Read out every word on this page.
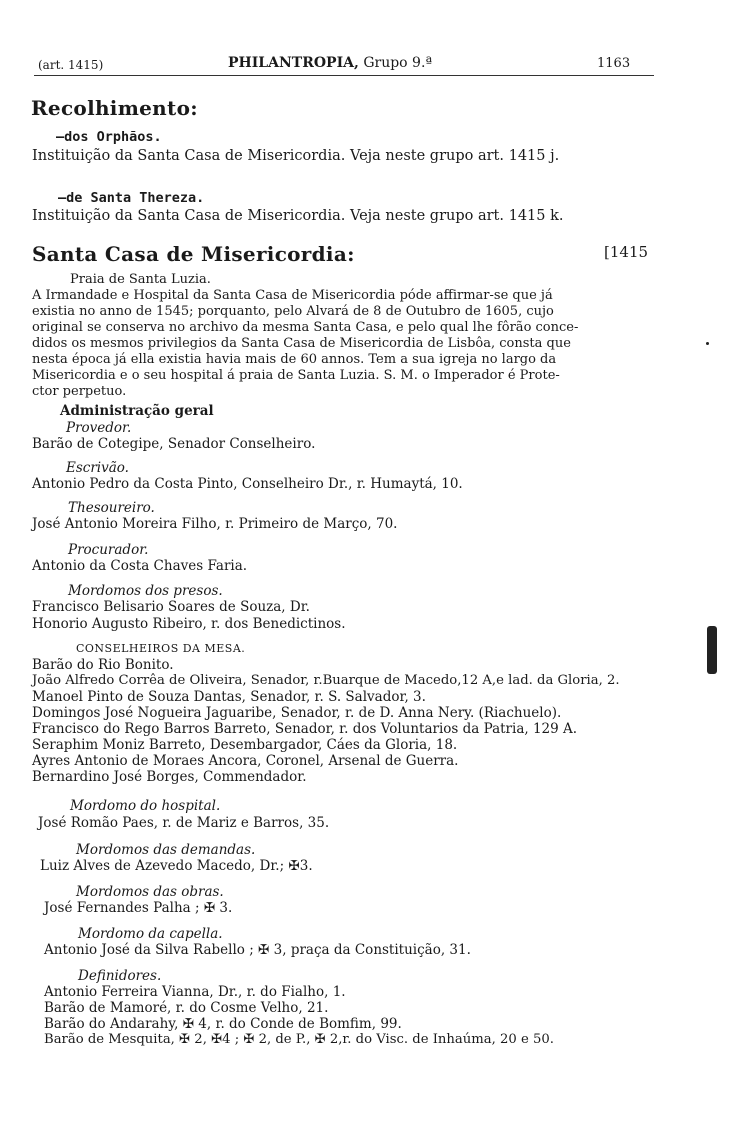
(art. 1415)	PHILANTROPIA, Grupo 9.ª	1163
Recolhimento:
—dos Orphãos.
Instituição da Santa Casa de Misericordia. Veja neste grupo art. 1415 j.
—de Santa Thereza.
Instituição da Santa Casa de Misericordia. Veja neste grupo art. 1415 k.
Santa Casa de Misericordia:	[1415
Praia de Santa Luzia.
A Irmandade e Hospital da Santa Casa de Misericordia póde affirmar-se que já
existia no anno de 1545; porquanto, pelo Alvará de 8 de Outubro de 1605, cujo
original se conserva no archivo da mesma Santa Casa, e pelo qual lhe fôrão conce-
didos os mesmos privilegios da Santa Casa de Misericordia de Lisbôa, consta que
nesta época já ella existia havia mais de 60 annos. Tem a sua igreja no largo da
Misericordia e o seu hospital á praia de Santa Luzia. S. M. o Imperador é Prote-
ctor perpetuo.
Administração geral
Provedor.
Barão de Cotegipe, Senador Conselheiro.
Escrivão.
Antonio Pedro da Costa Pinto, Conselheiro Dr., r. Humaytá, 10.
Thesoureiro.
José Antonio Moreira Filho, r. Primeiro de Março, 70.
Procurador.
Antonio da Costa Chaves Faria.
Mordomos dos presos.
Francisco Belisario Soares de Souza, Dr.
Honorio Augusto Ribeiro, r. dos Benedictinos.
CONSELHEIROS DA MESA.
Barão do Rio Bonito.
João Alfredo Corrêa de Oliveira, Senador, r.Buarque de Macedo,12 A,e lad. da Gloria, 2.
Manoel Pinto de Souza Dantas, Senador, r. S. Salvador, 3.
Domingos José Nogueira Jaguaribe, Senador, r. de D. Anna Nery. (Riachuelo).
Francisco do Rego Barros Barreto, Senador, r. dos Voluntarios da Patria, 129 A.
Seraphim Moniz Barreto, Desembargador, Cáes da Gloria, 18.
Ayres Antonio de Moraes Ancora, Coronel, Arsenal de Guerra.
Bernardino José Borges, Commendador.
Mordomo do hospital.
José Romão Paes, r. de Mariz e Barros, 35.
Mordomos das demandas.
Luiz Alves de Azevedo Macedo, Dr.; ✠3.
Mordomos das obras.
José Fernandes Palha ; ✠ 3.
Mordomo da capella.
Antonio José da Silva Rabello ; ✠ 3, praça da Constituição, 31.
Definidores.
Antonio Ferreira Vianna, Dr., r. do Fialho, 1.
Barão de Mamoré, r. do Cosme Velho, 21.
Barão do Andarahy, ✠ 4, r. do Conde de Bomfim, 99.
Barão de Mesquita, ✠ 2, ✠4 ; ✠ 2, de P., ✠ 2,r. do Visc. de Inhaúma, 20 e 50.
